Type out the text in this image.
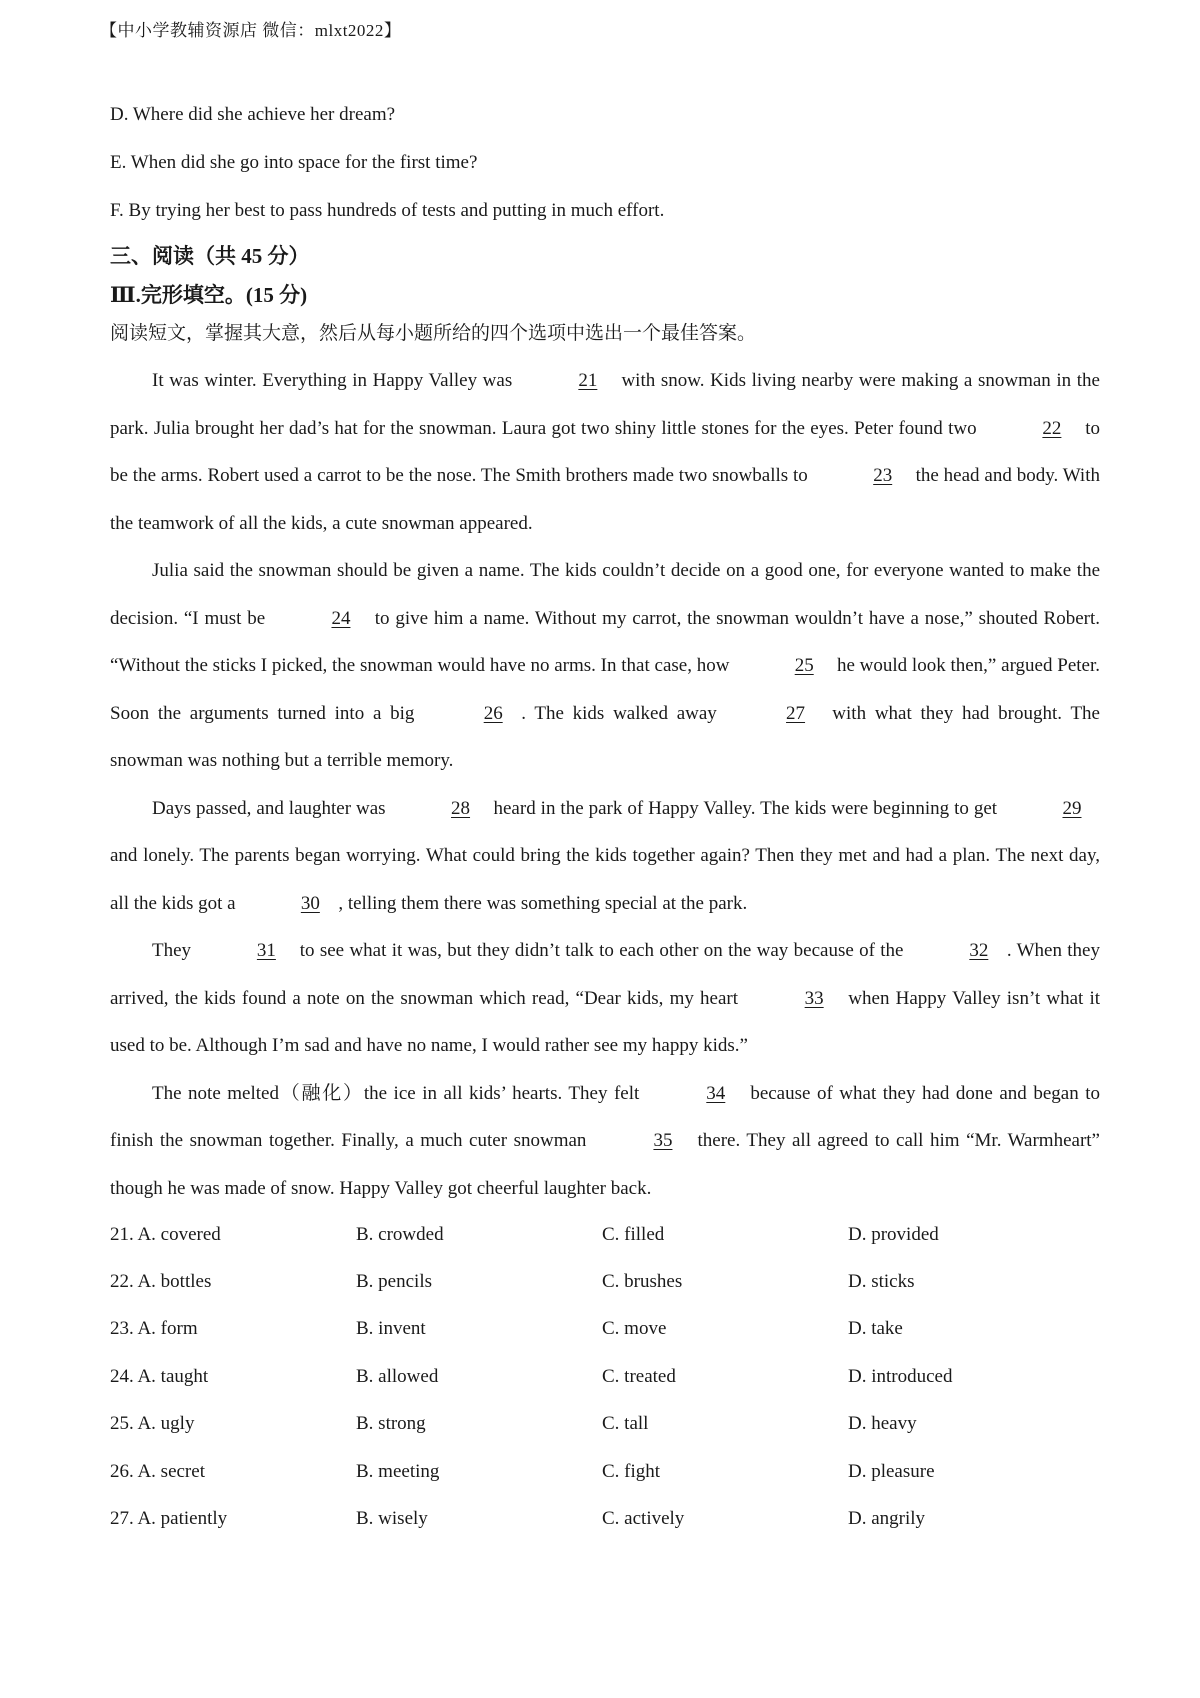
【中小学教辅资源店 微信：mlxt2022】
D. Where did she achieve her dream?
E. When did she go into space for the first time?
F. By trying her best to pass hundreds of tests and putting in much effort.
三、阅读（共 45 分）
Ⅲ.完形填空。(15 分)
阅读短文，掌握其大意，然后从每小题所给的四个选项中选出一个最佳答案。

It was winter. Everything in Happy Valley was	21 with snow. Kids living nearby were making a snowman in the park. Julia brought her dad’s hat for the snowman. Laura got two shiny little stones for the eyes. Peter found two	22 to be the arms. Robert used a carrot to be the nose. The Smith brothers made two snowballs to	23 the head and body. With the teamwork of all the kids, a cute snowman appeared.

Julia said the snowman should be given a name. The kids couldn’t decide on a good one, for everyone wanted to make the decision. “I must be	24 to give him a name. Without my carrot, the snowman wouldn’t have a nose,” shouted Robert. “Without the sticks I picked, the snowman would have no arms. In that case, how	25 he would look then,” argued Peter. Soon the arguments turned into a big	26 . The kids walked away	27 with what they had brought. The snowman was nothing but a terrible memory.

Days passed, and laughter was	28 heard in the park of Happy Valley. The kids were beginning to get	29 and lonely. The parents began worrying. What could bring the kids together again? Then they met and had a plan. The next day, all the kids got a	30 , telling them there was something special at the park.

They	31 to see what it was, but they didn’t talk to each other on the way because of the	32 . When they arrived, the kids found a note on the snowman which read, “Dear kids, my heart	33 when Happy Valley isn’t what it used to be. Although I’m sad and have no name, I would rather see my happy kids.”

The note melted（融化）the ice in all kids’ hearts. They felt	34 because of what they had done and began to finish the snowman together. Finally, a much cuter snowman	35 there. They all agreed to call him “Mr. Warmheart” though he was made of snow. Happy Valley got cheerful laughter back.

21. A. covered	B. crowded	C. filled	D. provided
22. A. bottles	B. pencils	C. brushes	D. sticks
23. A. form	B. invent	C. move	D. take
24. A. taught	B. allowed	C. treated	D. introduced
25. A. ugly	B. strong	C. tall	D. heavy
26. A. secret	B. meeting	C. fight	D. pleasure
27. A. patiently	B. wisely	C. actively	D. angrily
